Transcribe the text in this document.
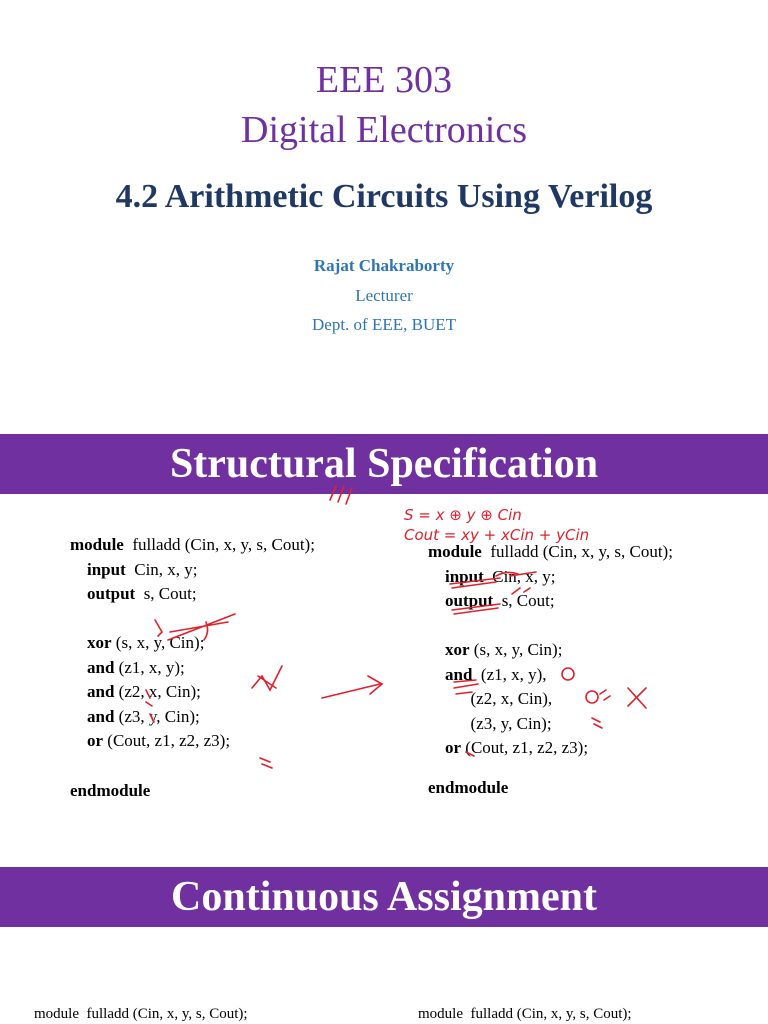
EEE 303
Digital Electronics
4.2 Arithmetic Circuits Using Verilog
Rajat Chakraborty
Lecturer
Dept. of EEE, BUET
Structural Specification
module  fulladd (Cin, x, y, s, Cout);
input  Cin, x, y;
output  s, Cout;
xor (s, x, y, Cin);
and (z1, x, y);
and (z2, x, Cin);
and (z3, y, Cin);
or (Cout, z1, z2, z3);
endmodule
module  fulladd (Cin, x, y, s, Cout);
input  Cin, x, y;
output  s, Cout;
xor (s, x, y, Cin);
and  (z1, x, y),
(z2, x, Cin),
(z3, y, Cin);
or (Cout, z1, z2, z3);
endmodule
S = x ⊕ y ⊕ Cin
Cout = xy + xCin + yCin
Continuous Assignment
module  fulladd (Cin, x, y, s, Cout);	module  fulladd (Cin, x, y, s, Cout);
